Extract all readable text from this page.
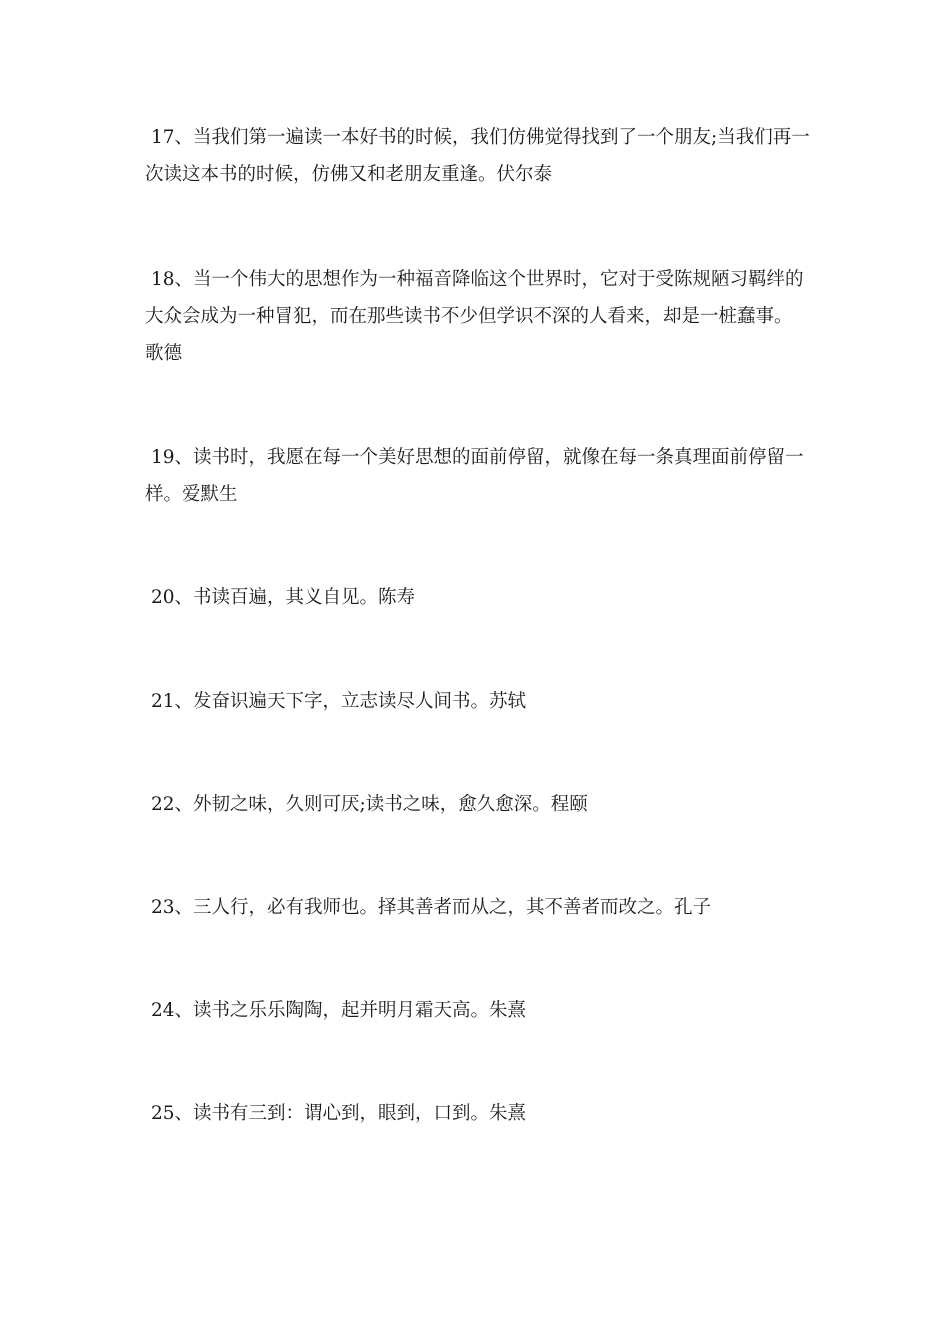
17、当我们第一遍读一本好书的时候，我们仿佛觉得找到了一个朋友;当我们再一次读这本书的时候，仿佛又和老朋友重逢。伏尔泰

18、当一个伟大的思想作为一种福音降临这个世界时，它对于受陈规陋习羁绊的大众会成为一种冒犯，而在那些读书不少但学识不深的人看来，却是一桩蠢事。歌德

19、读书时，我愿在每一个美好思想的面前停留，就像在每一条真理面前停留一样。爱默生

20、书读百遍，其义自见。陈寿

21、发奋识遍天下字，立志读尽人间书。苏轼

22、外韧之味，久则可厌;读书之味，愈久愈深。程颐

23、三人行，必有我师也。择其善者而从之，其不善者而改之。孔子

24、读书之乐乐陶陶，起并明月霜天高。朱熹

25、读书有三到：谓心到，眼到，口到。朱熹
